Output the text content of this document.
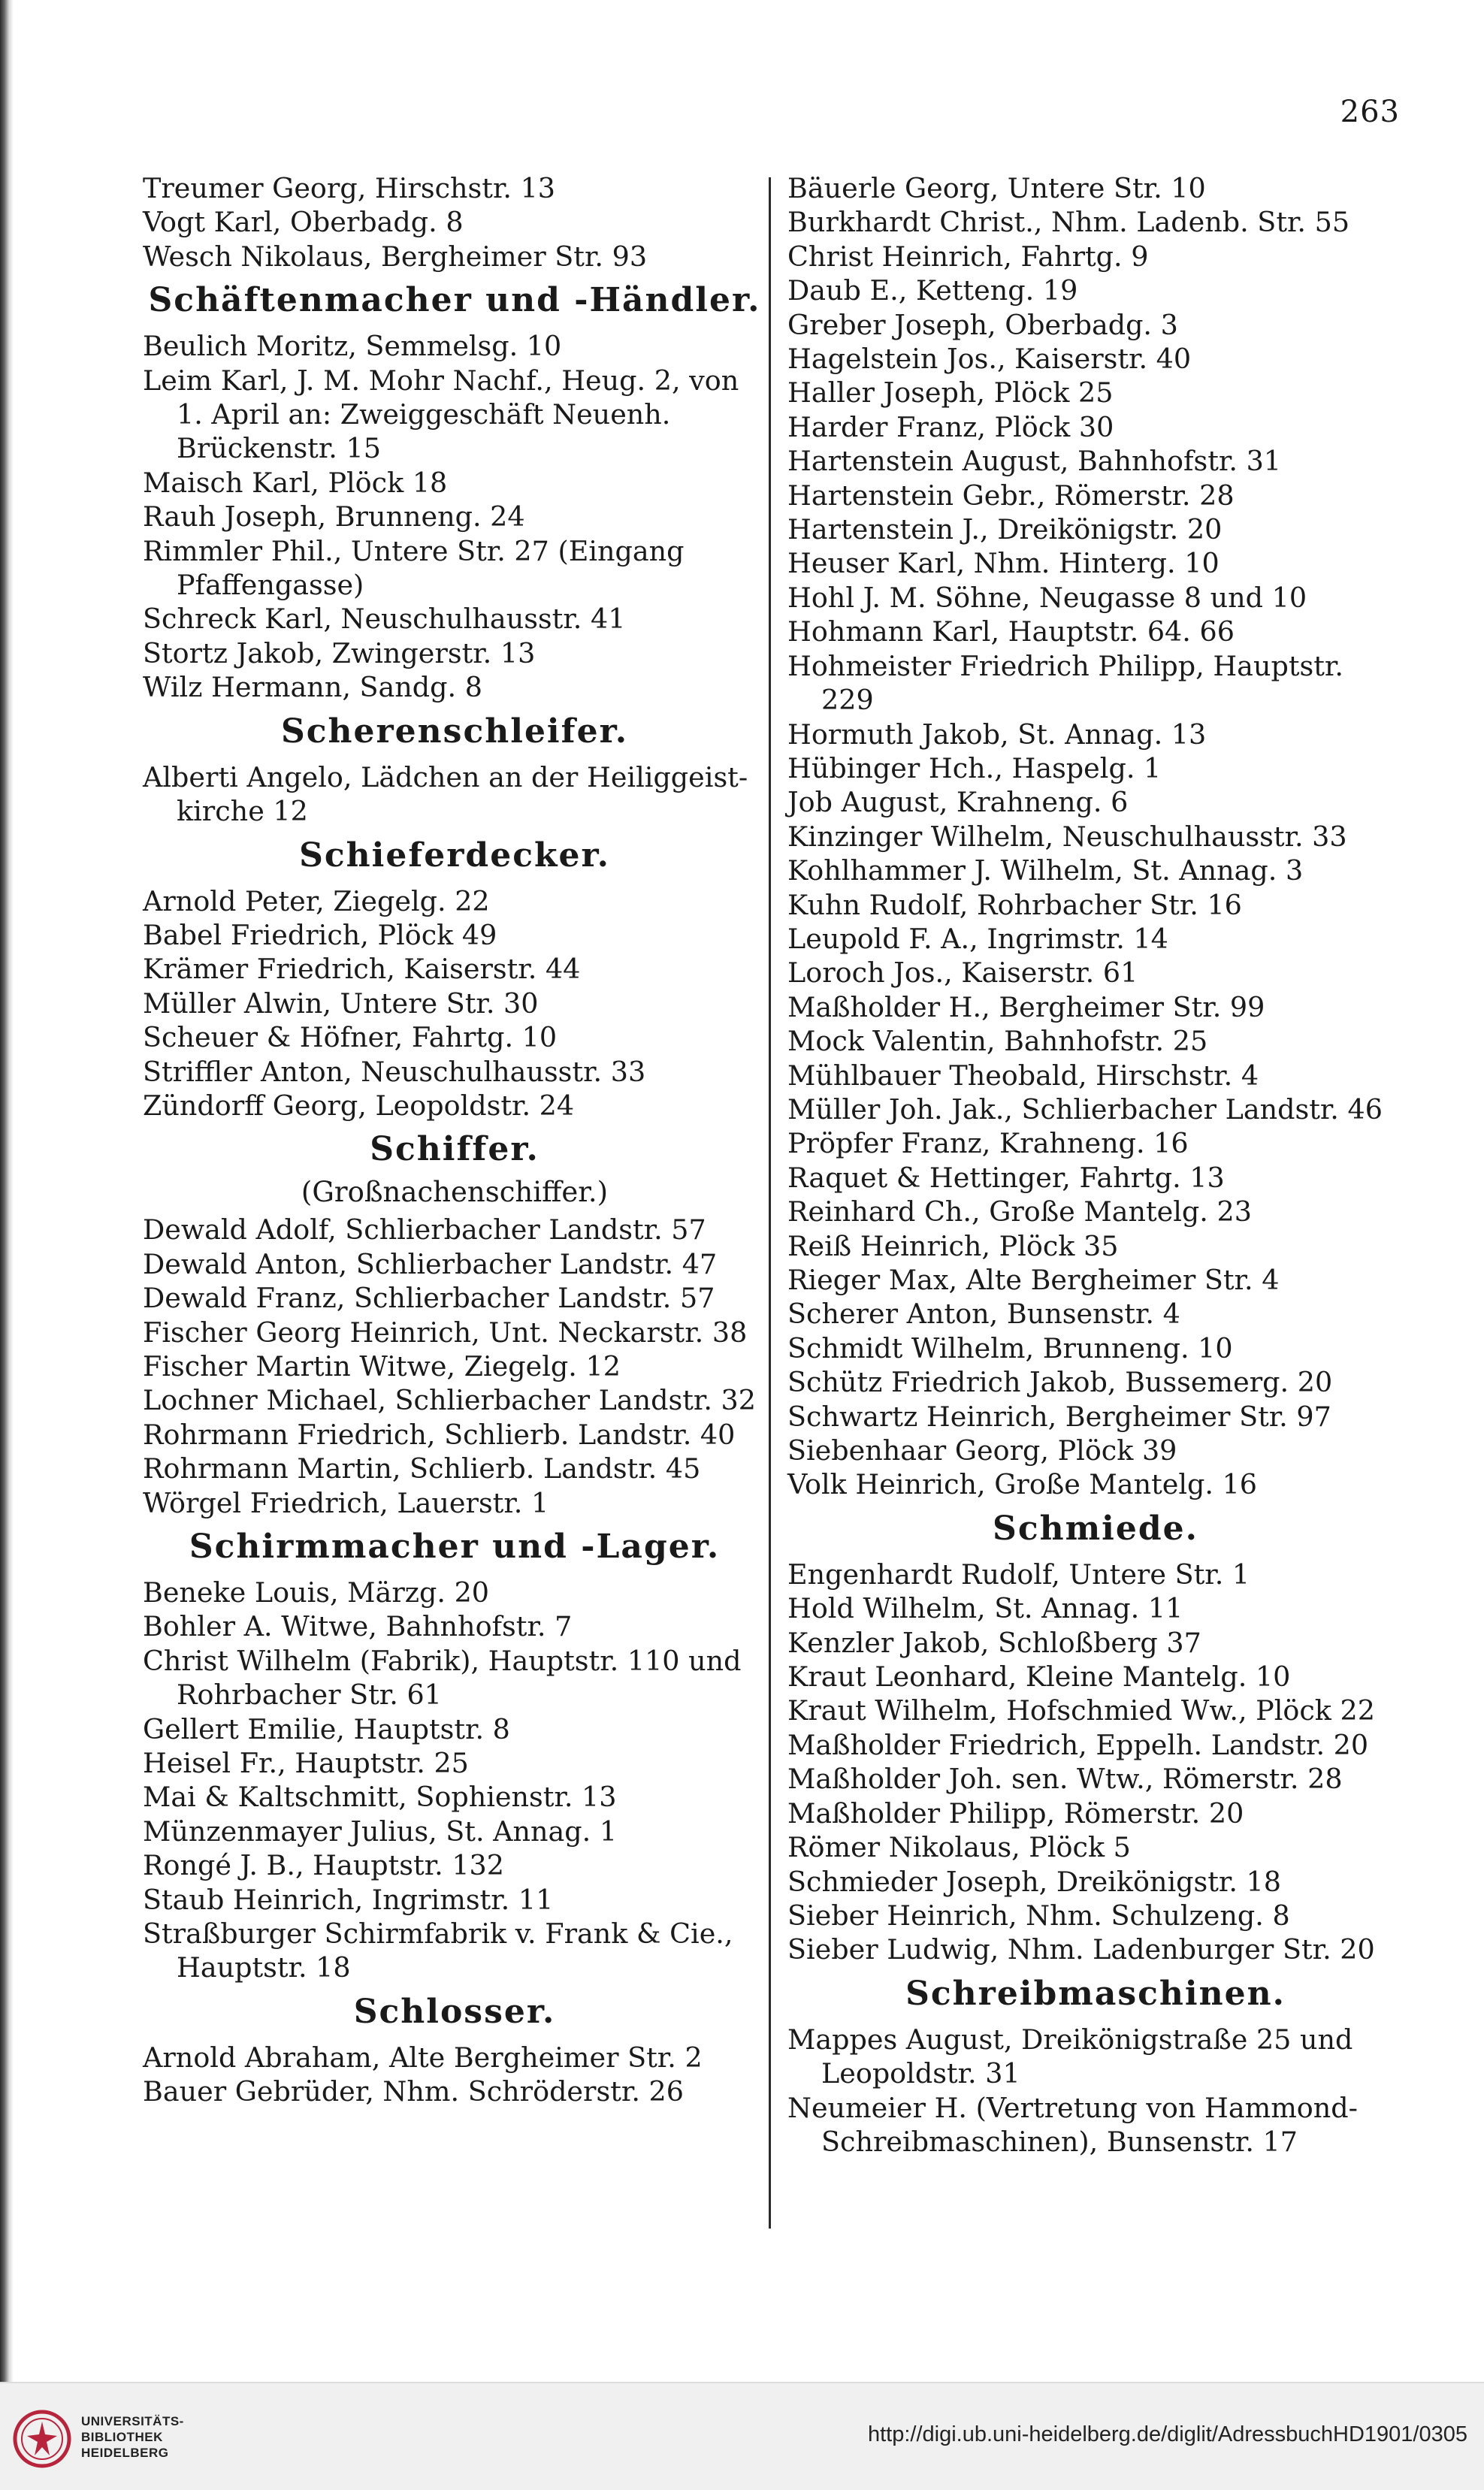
263
Treumer Georg, Hirschstr. 13
Vogt Karl, Oberbadg. 8
Wesch Nikolaus, Bergheimer Str. 93
Schäftenmacher und -Händler.
Beulich Moritz, Semmelsg. 10
Leim Karl, J. M. Mohr Nachf., Heug. 2, von 1. April an: Zweiggeschäft Neuenh. Brückenstr. 15
Maisch Karl, Plöck 18
Rauh Joseph, Brunneng. 24
Rimmler Phil., Untere Str. 27 (Eingang Pfaffengasse)
Schreck Karl, Neuschulhausstr. 41
Stortz Jakob, Zwingerstr. 13
Wilz Hermann, Sandg. 8
Scherenschleifer.
Alberti Angelo, Lädchen an der Heiliggeist-kirche 12
Schieferdecker.
Arnold Peter, Ziegelg. 22
Babel Friedrich, Plöck 49
Krämer Friedrich, Kaiserstr. 44
Müller Alwin, Untere Str. 30
Scheuer & Höfner, Fahrtg. 10
Striffler Anton, Neuschulhausstr. 33
Zündorff Georg, Leopoldstr. 24
Schiffer.
(Großnachenschiffer.)
Dewald Adolf, Schlierbacher Landstr. 57
Dewald Anton, Schlierbacher Landstr. 47
Dewald Franz, Schlierbacher Landstr. 57
Fischer Georg Heinrich, Unt. Neckarstr. 38
Fischer Martin Witwe, Ziegelg. 12
Lochner Michael, Schlierbacher Landstr. 32
Rohrmann Friedrich, Schlierb. Landstr. 40
Rohrmann Martin, Schlierb. Landstr. 45
Wörgel Friedrich, Lauerstr. 1
Schirmmacher und -Lager.
Beneke Louis, Märzg. 20
Bohler A. Witwe, Bahnhofstr. 7
Christ Wilhelm (Fabrik), Hauptstr. 110 und Rohrbacher Str. 61
Gellert Emilie, Hauptstr. 8
Heisel Fr., Hauptstr. 25
Mai & Kaltschmitt, Sophienstr. 13
Münzenmayer Julius, St. Annag. 1
Rongé J. B., Hauptstr. 132
Staub Heinrich, Ingrimstr. 11
Straßburger Schirmfabrik v. Frank & Cie., Hauptstr. 18
Schlosser.
Arnold Abraham, Alte Bergheimer Str. 2
Bauer Gebrüder, Nhm. Schröderstr. 26
Bäuerle Georg, Untere Str. 10
Burkhardt Christ., Nhm. Ladenb. Str. 55
Christ Heinrich, Fahrtg. 9
Daub E., Ketteng. 19
Greber Joseph, Oberbadg. 3
Hagelstein Jos., Kaiserstr. 40
Haller Joseph, Plöck 25
Harder Franz, Plöck 30
Hartenstein August, Bahnhofstr. 31
Hartenstein Gebr., Römerstr. 28
Hartenstein J., Dreikönigstr. 20
Heuser Karl, Nhm. Hinterg. 10
Hohl J. M. Söhne, Neugasse 8 und 10
Hohmann Karl, Hauptstr. 64. 66
Hohmeister Friedrich Philipp, Hauptstr. 229
Hormuth Jakob, St. Annag. 13
Hübinger Hch., Haspelg. 1
Job August, Krahneng. 6
Kinzinger Wilhelm, Neuschulhausstr. 33
Kohlhammer J. Wilhelm, St. Annag. 3
Kuhn Rudolf, Rohrbacher Str. 16
Leupold F. A., Ingrimstr. 14
Loroch Jos., Kaiserstr. 61
Maßholder H., Bergheimer Str. 99
Mock Valentin, Bahnhofstr. 25
Mühlbauer Theobald, Hirschstr. 4
Müller Joh. Jak., Schlierbacher Landstr. 46
Pröpfer Franz, Krahneng. 16
Raquet & Hettinger, Fahrtg. 13
Reinhard Ch., Große Mantelg. 23
Reiß Heinrich, Plöck 35
Rieger Max, Alte Bergheimer Str. 4
Scherer Anton, Bunsenstr. 4
Schmidt Wilhelm, Brunneng. 10
Schütz Friedrich Jakob, Bussemerg. 20
Schwartz Heinrich, Bergheimer Str. 97
Siebenhaar Georg, Plöck 39
Volk Heinrich, Große Mantelg. 16
Schmiede.
Engenhardt Rudolf, Untere Str. 1
Hold Wilhelm, St. Annag. 11
Kenzler Jakob, Schloßberg 37
Kraut Leonhard, Kleine Mantelg. 10
Kraut Wilhelm, Hofschmied Ww., Plöck 22
Maßholder Friedrich, Eppelh. Landstr. 20
Maßholder Joh. sen. Wtw., Römerstr. 28
Maßholder Philipp, Römerstr. 20
Römer Nikolaus, Plöck 5
Schmieder Joseph, Dreikönigstr. 18
Sieber Heinrich, Nhm. Schulzeng. 8
Sieber Ludwig, Nhm. Ladenburger Str. 20
Schreibmaschinen.
Mappes August, Dreikönigstraße 25 und Leopoldstr. 31
Neumeier H. (Vertretung von Hammond-Schreibmaschinen), Bunsenstr. 17
UNIVERSITÄTS-
BIBLIOTHEK
HEIDELBERG
http://digi.ub.uni-heidelberg.de/diglit/AdressbuchHD1901/0305
